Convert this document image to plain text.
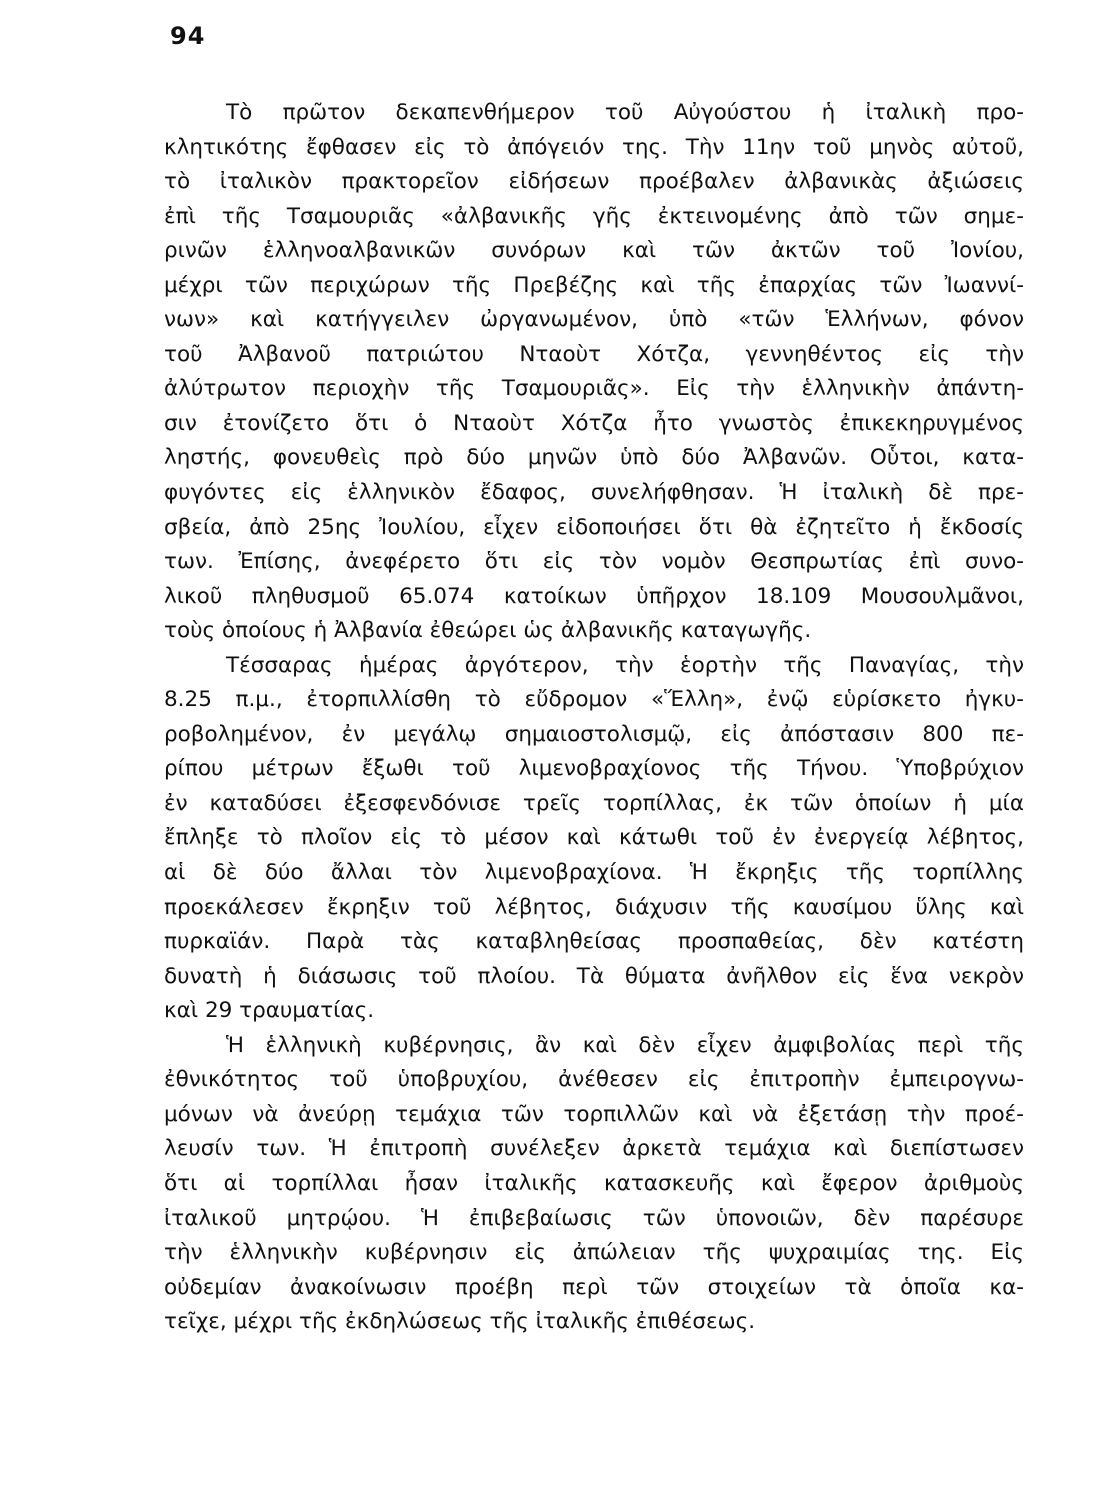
94
Τὸ πρῶτον δεκαπενθήμερον τοῦ Αὐγούστου ἡ ἰταλικὴ προ-
κλητικότης ἔφθασεν εἰς τὸ ἀπόγειόν της. Τὴν 11ην τοῦ μηνὸς αὐτοῦ,
τὸ ἰταλικὸν πρακτορεῖον εἰδήσεων προέβαλεν ἀλβανικὰς ἀξιώσεις
ἐπὶ τῆς Τσαμουριᾶς «ἀλβανικῆς γῆς ἐκτεινομένης ἀπὸ τῶν σημε-
ρινῶν ἑλληνοαλβανικῶν συνόρων καὶ τῶν ἀκτῶν τοῦ Ἰονίου,
μέχρι τῶν περιχώρων τῆς Πρεβέζης καὶ τῆς ἐπαρχίας τῶν Ἰωαννί-
νων» καὶ κατήγγειλεν ὠργανωμένον, ὑπὸ «τῶν Ἑλλήνων, φόνον
τοῦ Ἀλβανοῦ πατριώτου Νταοὺτ Χότζα, γεννηθέντος εἰς τὴν
ἀλύτρωτον περιοχὴν τῆς Τσαμουριᾶς». Εἰς τὴν ἑλληνικὴν ἀπάντη-
σιν ἐτονίζετο ὅτι ὁ Νταοὺτ Χότζα ἦτο γνωστὸς ἐπικεκηρυγμένος
ληστής, φονευθεὶς πρὸ δύο μηνῶν ὑπὸ δύο Ἀλβανῶν. Οὗτοι, κατα-
φυγόντες εἰς ἑλληνικὸν ἔδαφος, συνελήφθησαν. Ἡ ἰταλικὴ δὲ πρε-
σβεία, ἀπὸ 25ης Ἰουλίου, εἶχεν εἰδοποιήσει ὅτι θὰ ἐζητεῖτο ἡ ἔκδοσίς
των. Ἐπίσης, ἀνεφέρετο ὅτι εἰς τὸν νομὸν Θεσπρωτίας ἐπὶ συνο-
λικοῦ πληθυσμοῦ 65.074 κατοίκων ὑπῆρχον 18.109 Μουσουλμᾶνοι,
τοὺς ὁποίους ἡ Ἀλβανία ἐθεώρει ὡς ἀλβανικῆς καταγωγῆς.
Τέσσαρας ἡμέρας ἀργότερον, τὴν ἑορτὴν τῆς Παναγίας, τὴν
8.25 π.μ., ἐτορπιλλίσθη τὸ εὔδρομον «Ἕλλη», ἐνῷ εὑρίσκετο ἠγκυ-
ροβολημένον, ἐν μεγάλῳ σημαιοστολισμῷ, εἰς ἀπόστασιν 800 πε-
ρίπου μέτρων ἔξωθι τοῦ λιμενοβραχίονος τῆς Τήνου. Ὑποβρύχιον
ἐν καταδύσει ἐξεσφενδόνισε τρεῖς τορπίλλας, ἐκ τῶν ὁποίων ἡ μία
ἔπληξε τὸ πλοῖον εἰς τὸ μέσον καὶ κάτωθι τοῦ ἐν ἐνεργείᾳ λέβητος,
αἱ δὲ δύο ἄλλαι τὸν λιμενοβραχίονα. Ἡ ἔκρηξις τῆς τορπίλλης
προεκάλεσεν ἔκρηξιν τοῦ λέβητος, διάχυσιν τῆς καυσίμου ὕλης καὶ
πυρκαϊάν. Παρὰ τὰς καταβληθείσας προσπαθείας, δὲν κατέστη
δυνατὴ ἡ διάσωσις τοῦ πλοίου. Τὰ θύματα ἀνῆλθον εἰς ἕνα νεκρὸν
καὶ 29 τραυματίας.
Ἡ ἑλληνικὴ κυβέρνησις, ἂν καὶ δὲν εἶχεν ἀμφιβολίας περὶ τῆς
ἐθνικότητος τοῦ ὑποβρυχίου, ἀνέθεσεν εἰς ἐπιτροπὴν ἐμπειρογνω-
μόνων νὰ ἀνεύρῃ τεμάχια τῶν τορπιλλῶν καὶ νὰ ἐξετάσῃ τὴν προέ-
λευσίν των. Ἡ ἐπιτροπὴ συνέλεξεν ἀρκετὰ τεμάχια καὶ διεπίστωσεν
ὅτι αἱ τορπίλλαι ἦσαν ἰταλικῆς κατασκευῆς καὶ ἔφερον ἀριθμοὺς
ἰταλικοῦ μητρῴου. Ἡ ἐπιβεβαίωσις τῶν ὑπονοιῶν, δὲν παρέσυρε
τὴν ἑλληνικὴν κυβέρνησιν εἰς ἀπώλειαν τῆς ψυχραιμίας της. Εἰς
οὐδεμίαν ἀνακοίνωσιν προέβη περὶ τῶν στοιχείων τὰ ὁποῖα κα-
τεῖχε, μέχρι τῆς ἐκδηλώσεως τῆς ἰταλικῆς ἐπιθέσεως.
